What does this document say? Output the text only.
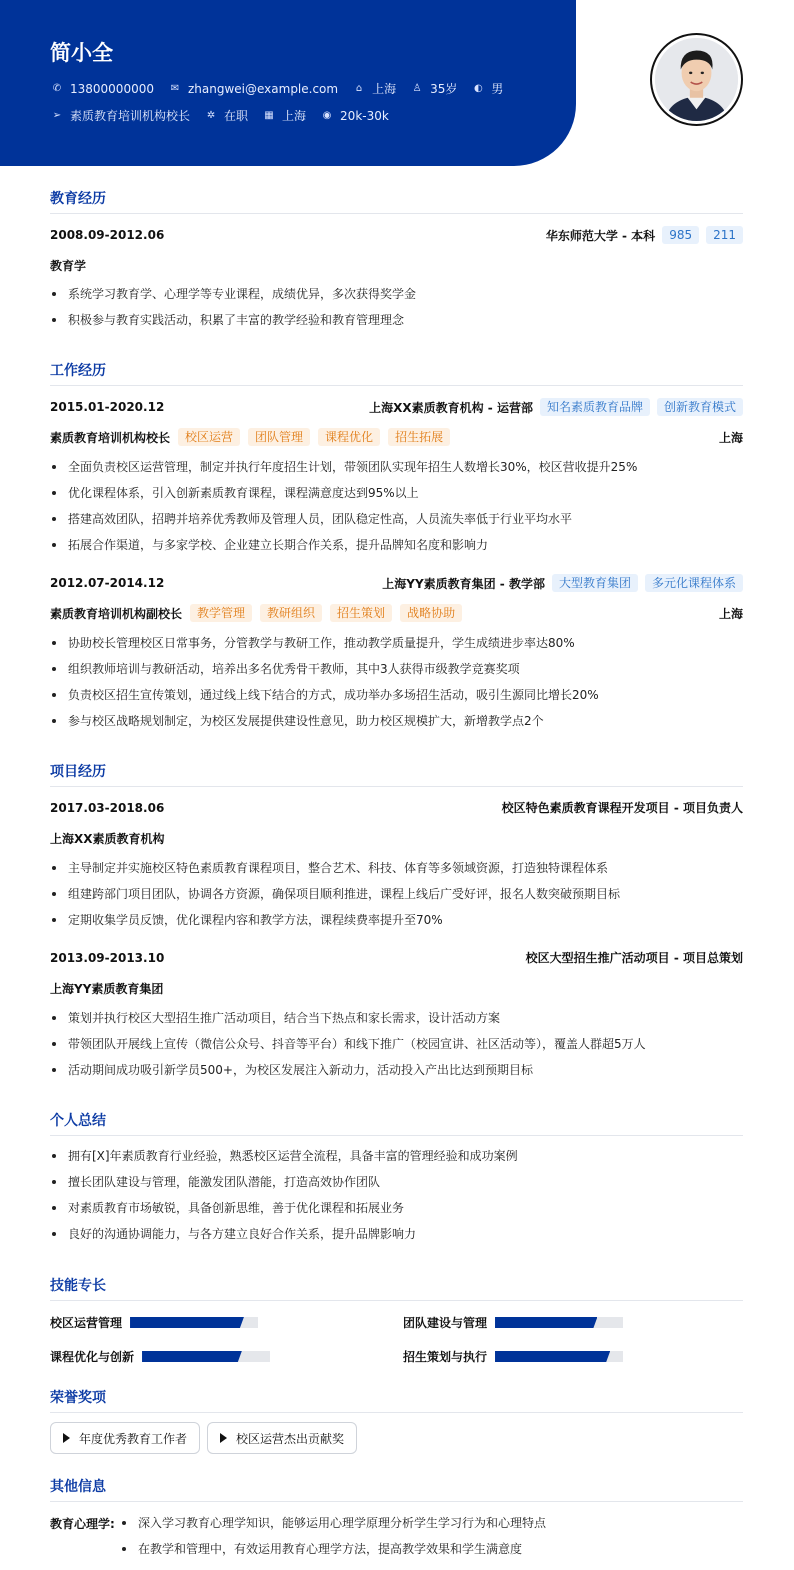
简小全
✆ 13800000000 ✉ zhangwei@example.com	⌂ 上海 ♙ 35岁 ◐ 男
➢ 素质教育培训机构校长 ✲ 在职 ▦ 上海 ◉ 20k-30k
教育经历
2008.09-2012.06	华东师范大学 - 本科	985	211
教育学
系统学习教育学、心理学等专业课程，成绩优异，多次获得奖学金
积极参与教育实践活动，积累了丰富的教学经验和教育管理理念
工作经历
2015.01-2020.12	上海XX素质教育机构 - 运营部	知名素质教育品牌	创新教育模式
素质教育培训机构校长	校区运营	团队管理	课程优化	招生拓展	上海
全面负责校区运营管理，制定并执行年度招生计划，带领团队实现年招生人数增长30%，校区营收提升25%
优化课程体系，引入创新素质教育课程，课程满意度达到95%以上
搭建高效团队，招聘并培养优秀教师及管理人员，团队稳定性高，人员流失率低于行业平均水平
拓展合作渠道，与多家学校、企业建立长期合作关系，提升品牌知名度和影响力
2012.07-2014.12	上海YY素质教育集团 - 教学部	大型教育集团	多元化课程体系
素质教育培训机构副校长	教学管理	教研组织	招生策划	战略协助	上海
协助校长管理校区日常事务，分管教学与教研工作，推动教学质量提升，学生成绩进步率达80%
组织教师培训与教研活动，培养出多名优秀骨干教师，其中3人获得市级教学竞赛奖项
负责校区招生宣传策划，通过线上线下结合的方式，成功举办多场招生活动，吸引生源同比增长20%
参与校区战略规划制定，为校区发展提供建设性意见，助力校区规模扩大，新增教学点2个
项目经历
2017.03-2018.06	校区特色素质教育课程开发项目 - 项目负责人
上海XX素质教育机构
主导制定并实施校区特色素质教育课程项目，整合艺术、科技、体育等多领域资源，打造独特课程体系
组建跨部门项目团队，协调各方资源，确保项目顺利推进，课程上线后广受好评，报名人数突破预期目标
定期收集学员反馈，优化课程内容和教学方法，课程续费率提升至70%
2013.09-2013.10	校区大型招生推广活动项目 - 项目总策划
上海YY素质教育集团
策划并执行校区大型招生推广活动项目，结合当下热点和家长需求，设计活动方案
带领团队开展线上宣传（微信公众号、抖音等平台）和线下推广（校园宣讲、社区活动等），覆盖人群超5万人
活动期间成功吸引新学员500+，为校区发展注入新动力，活动投入产出比达到预期目标
个人总结
拥有[X]年素质教育行业经验，熟悉校区运营全流程，具备丰富的管理经验和成功案例
擅长团队建设与管理，能激发团队潜能，打造高效协作团队
对素质教育市场敏锐，具备创新思维，善于优化课程和拓展业务
良好的沟通协调能力，与各方建立良好合作关系，提升品牌影响力
技能专长
校区运营管理	团队建设与管理
课程优化与创新	招生策划与执行
荣誉奖项
年度优秀教育工作者	校区运营杰出贡献奖
其他信息
教育心理学:	深入学习教育心理学知识，能够运用心理学原理分析学生学习行为和心理特点
在教学和管理中，有效运用教育心理学方法，提高教学效果和学生满意度
